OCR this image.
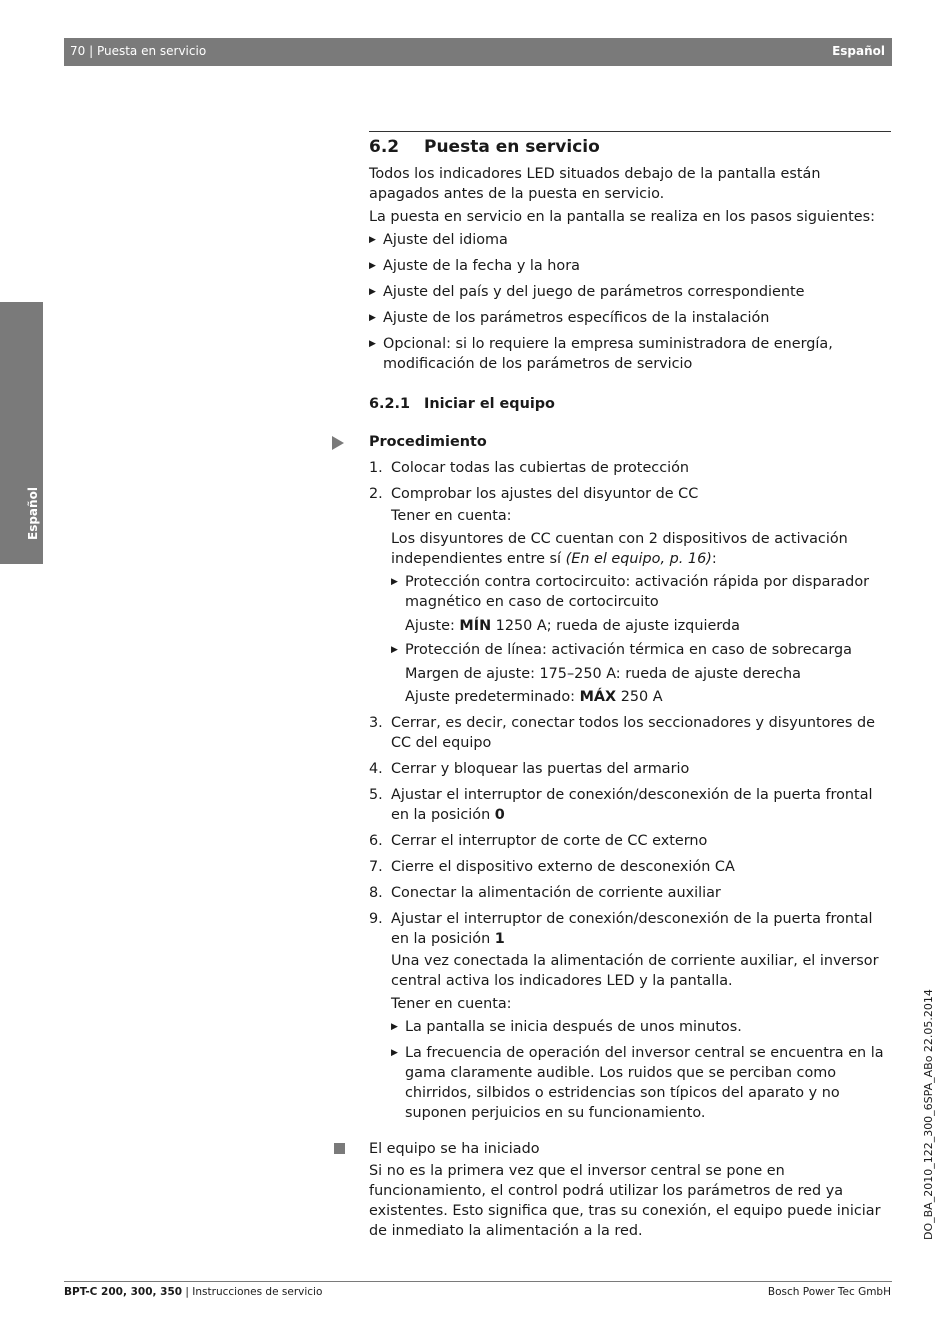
70 | Puesta en servicio	Español
Español
DO_BA_2010_122_300_6SPA_ABo 22.05.2014
6.2 Puesta en servicio

Todos los indicadores LED situados debajo de la pantalla están apagados antes de la puesta en servicio.

La puesta en servicio en la pantalla se realiza en los pasos siguientes:

▶ Ajuste del idioma
▶ Ajuste de la fecha y la hora
▶ Ajuste del país y del juego de parámetros correspondiente
▶ Ajuste de los parámetros específicos de la instalación
▶ Opcional: si lo requiere la empresa suministradora de energía, modificación de los parámetros de servicio
6.2.1 Iniciar el equipo
Procedimiento
1. Colocar todas las cubiertas de protección
2. Comprobar los ajustes del disyuntor de CC
Tener en cuenta:
Los disyuntores de CC cuentan con 2 dispositivos de activación independientes entre sí (En el equipo, p. 16):
▶ Protección contra cortocircuito: activación rápida por disparador magnético en caso de cortocircuito
Ajuste: MÍN 1250 A; rueda de ajuste izquierda
▶ Protección de línea: activación térmica en caso de sobrecarga
Margen de ajuste: 175–250 A: rueda de ajuste derecha
Ajuste predeterminado: MÁX 250 A
3. Cerrar, es decir, conectar todos los seccionadores y disyuntores de CC del equipo
4. Cerrar y bloquear las puertas del armario
5. Ajustar el interruptor de conexión/desconexión de la puerta frontal en la posición 0
6. Cerrar el interruptor de corte de CC externo
7. Cierre el dispositivo externo de desconexión CA
8. Conectar la alimentación de corriente auxiliar
9. Ajustar el interruptor de conexión/desconexión de la puerta frontal en la posición 1
Una vez conectada la alimentación de corriente auxiliar, el inversor central activa los indicadores LED y la pantalla.
Tener en cuenta:
▶ La pantalla se inicia después de unos minutos.
▶ La frecuencia de operación del inversor central se encuentra en la gama claramente audible. Los ruidos que se perciban como chirridos, silbidos o estridencias son típicos del aparato y no suponen perjuicios en su funcionamiento.
El equipo se ha iniciado

Si no es la primera vez que el inversor central se pone en funcionamiento, el control podrá utilizar los parámetros de red ya existentes. Esto significa que, tras su conexión, el equipo puede iniciar de inmediato la alimentación a la red.

BPT-C 200, 300, 350 | Instrucciones de servicio	Bosch Power Tec GmbH
